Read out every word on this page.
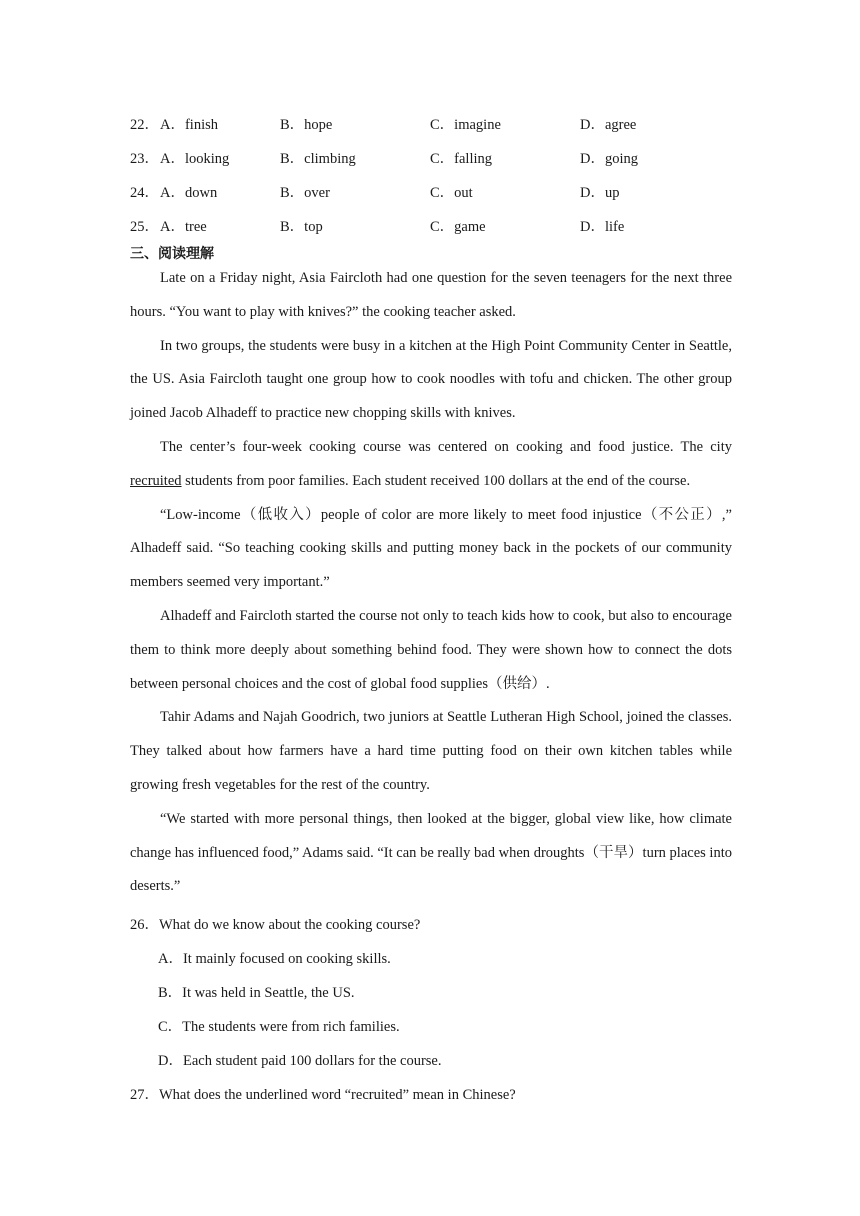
22． A．finish	B．hope	C．imagine	D．agree
23． A．looking	B．climbing	C．falling	D．going
24． A．down	B．over	C．out	D．up
25． A．tree	B．top	C．game	D．life
三、阅读理解

Late on a Friday night, Asia Faircloth had one question for the seven teenagers for the next three hours. “You want to play with knives?” the cooking teacher asked.

In two groups, the students were busy in a kitchen at the High Point Community Center in Seattle, the US. Asia Faircloth taught one group how to cook noodles with tofu and chicken. The other group joined Jacob Alhadeff to practice new chopping skills with knives.

The center’s four-week cooking course was centered on cooking and food justice. The city recruited students from poor families. Each student received 100 dollars at the end of the course.

“Low-income（低收入）people of color are more likely to meet food injustice（不公正）,” Alhadeff said. “So teaching cooking skills and putting money back in the pockets of our community members seemed very important.”

Alhadeff and Faircloth started the course not only to teach kids how to cook, but also to encourage them to think more deeply about something behind food. They were shown how to connect the dots between personal choices and the cost of global food supplies（供给）.

Tahir Adams and Najah Goodrich, two juniors at Seattle Lutheran High School, joined the classes. They talked about how farmers have a hard time putting food on their own kitchen tables while growing fresh vegetables for the rest of the country.

“We started with more personal things, then looked at the bigger, global view like, how climate change has influenced food,” Adams said. “It can be really bad when droughts（干旱）turn places into deserts.”

26．What do we know about the cooking course?
A．It mainly focused on cooking skills.
B．It was held in Seattle, the US.
C．The students were from rich families.
D．Each student paid 100 dollars for the course.
27．What does the underlined word “recruited” mean in Chinese?
